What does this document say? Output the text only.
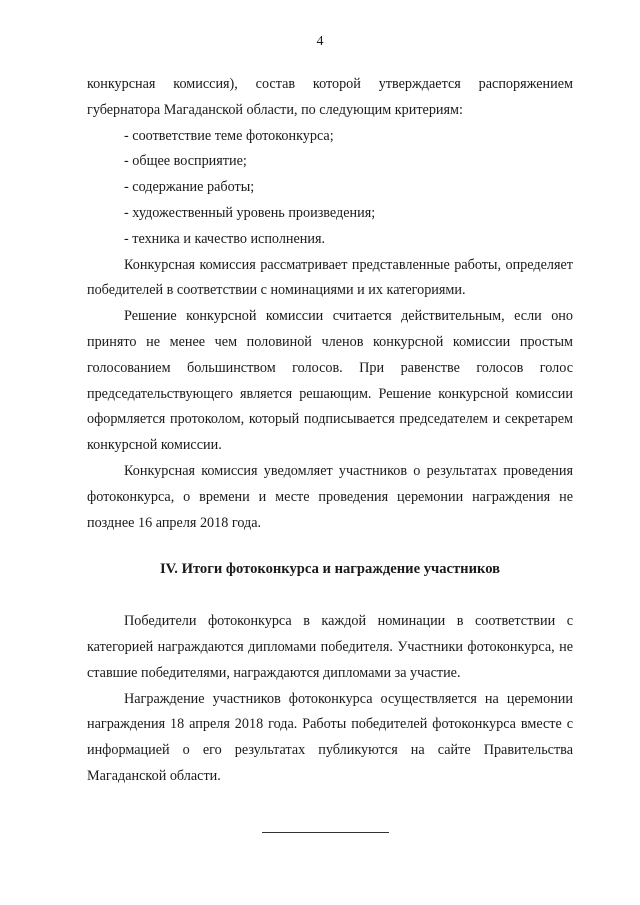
4

конкурсная комиссия), состав которой утверждается распоряжением губернатора Магаданской области, по следующим критериям:

- соответствие теме фотоконкурса;
- общее восприятие;
- содержание работы;
- художественный уровень произведения;
- техника и качество исполнения.

Конкурсная комиссия рассматривает представленные работы, определяет победителей в соответствии с номинациями и их категориями.

Решение конкурсной комиссии считается действительным, если оно принято не менее чем половиной членов конкурсной комиссии простым голосованием большинством голосов. При равенстве голосов голос председательствующего является решающим. Решение конкурсной комиссии оформляется протоколом, который подписывается председателем и секретарем конкурсной комиссии.

Конкурсная комиссия уведомляет участников о результатах проведения фотоконкурса, о времени и месте проведения церемонии награждения не позднее 16 апреля 2018 года.

IV. Итоги фотоконкурса и награждение участников

Победители фотоконкурса в каждой номинации в соответствии с категорией награждаются дипломами победителя. Участники фотоконкурса, не ставшие победителями, награждаются дипломами за участие.

Награждение участников фотоконкурса осуществляется на церемонии награждения 18 апреля 2018 года. Работы победителей фотоконкурса вместе с информацией о его результатах публикуются на сайте Правительства Магаданской области.
